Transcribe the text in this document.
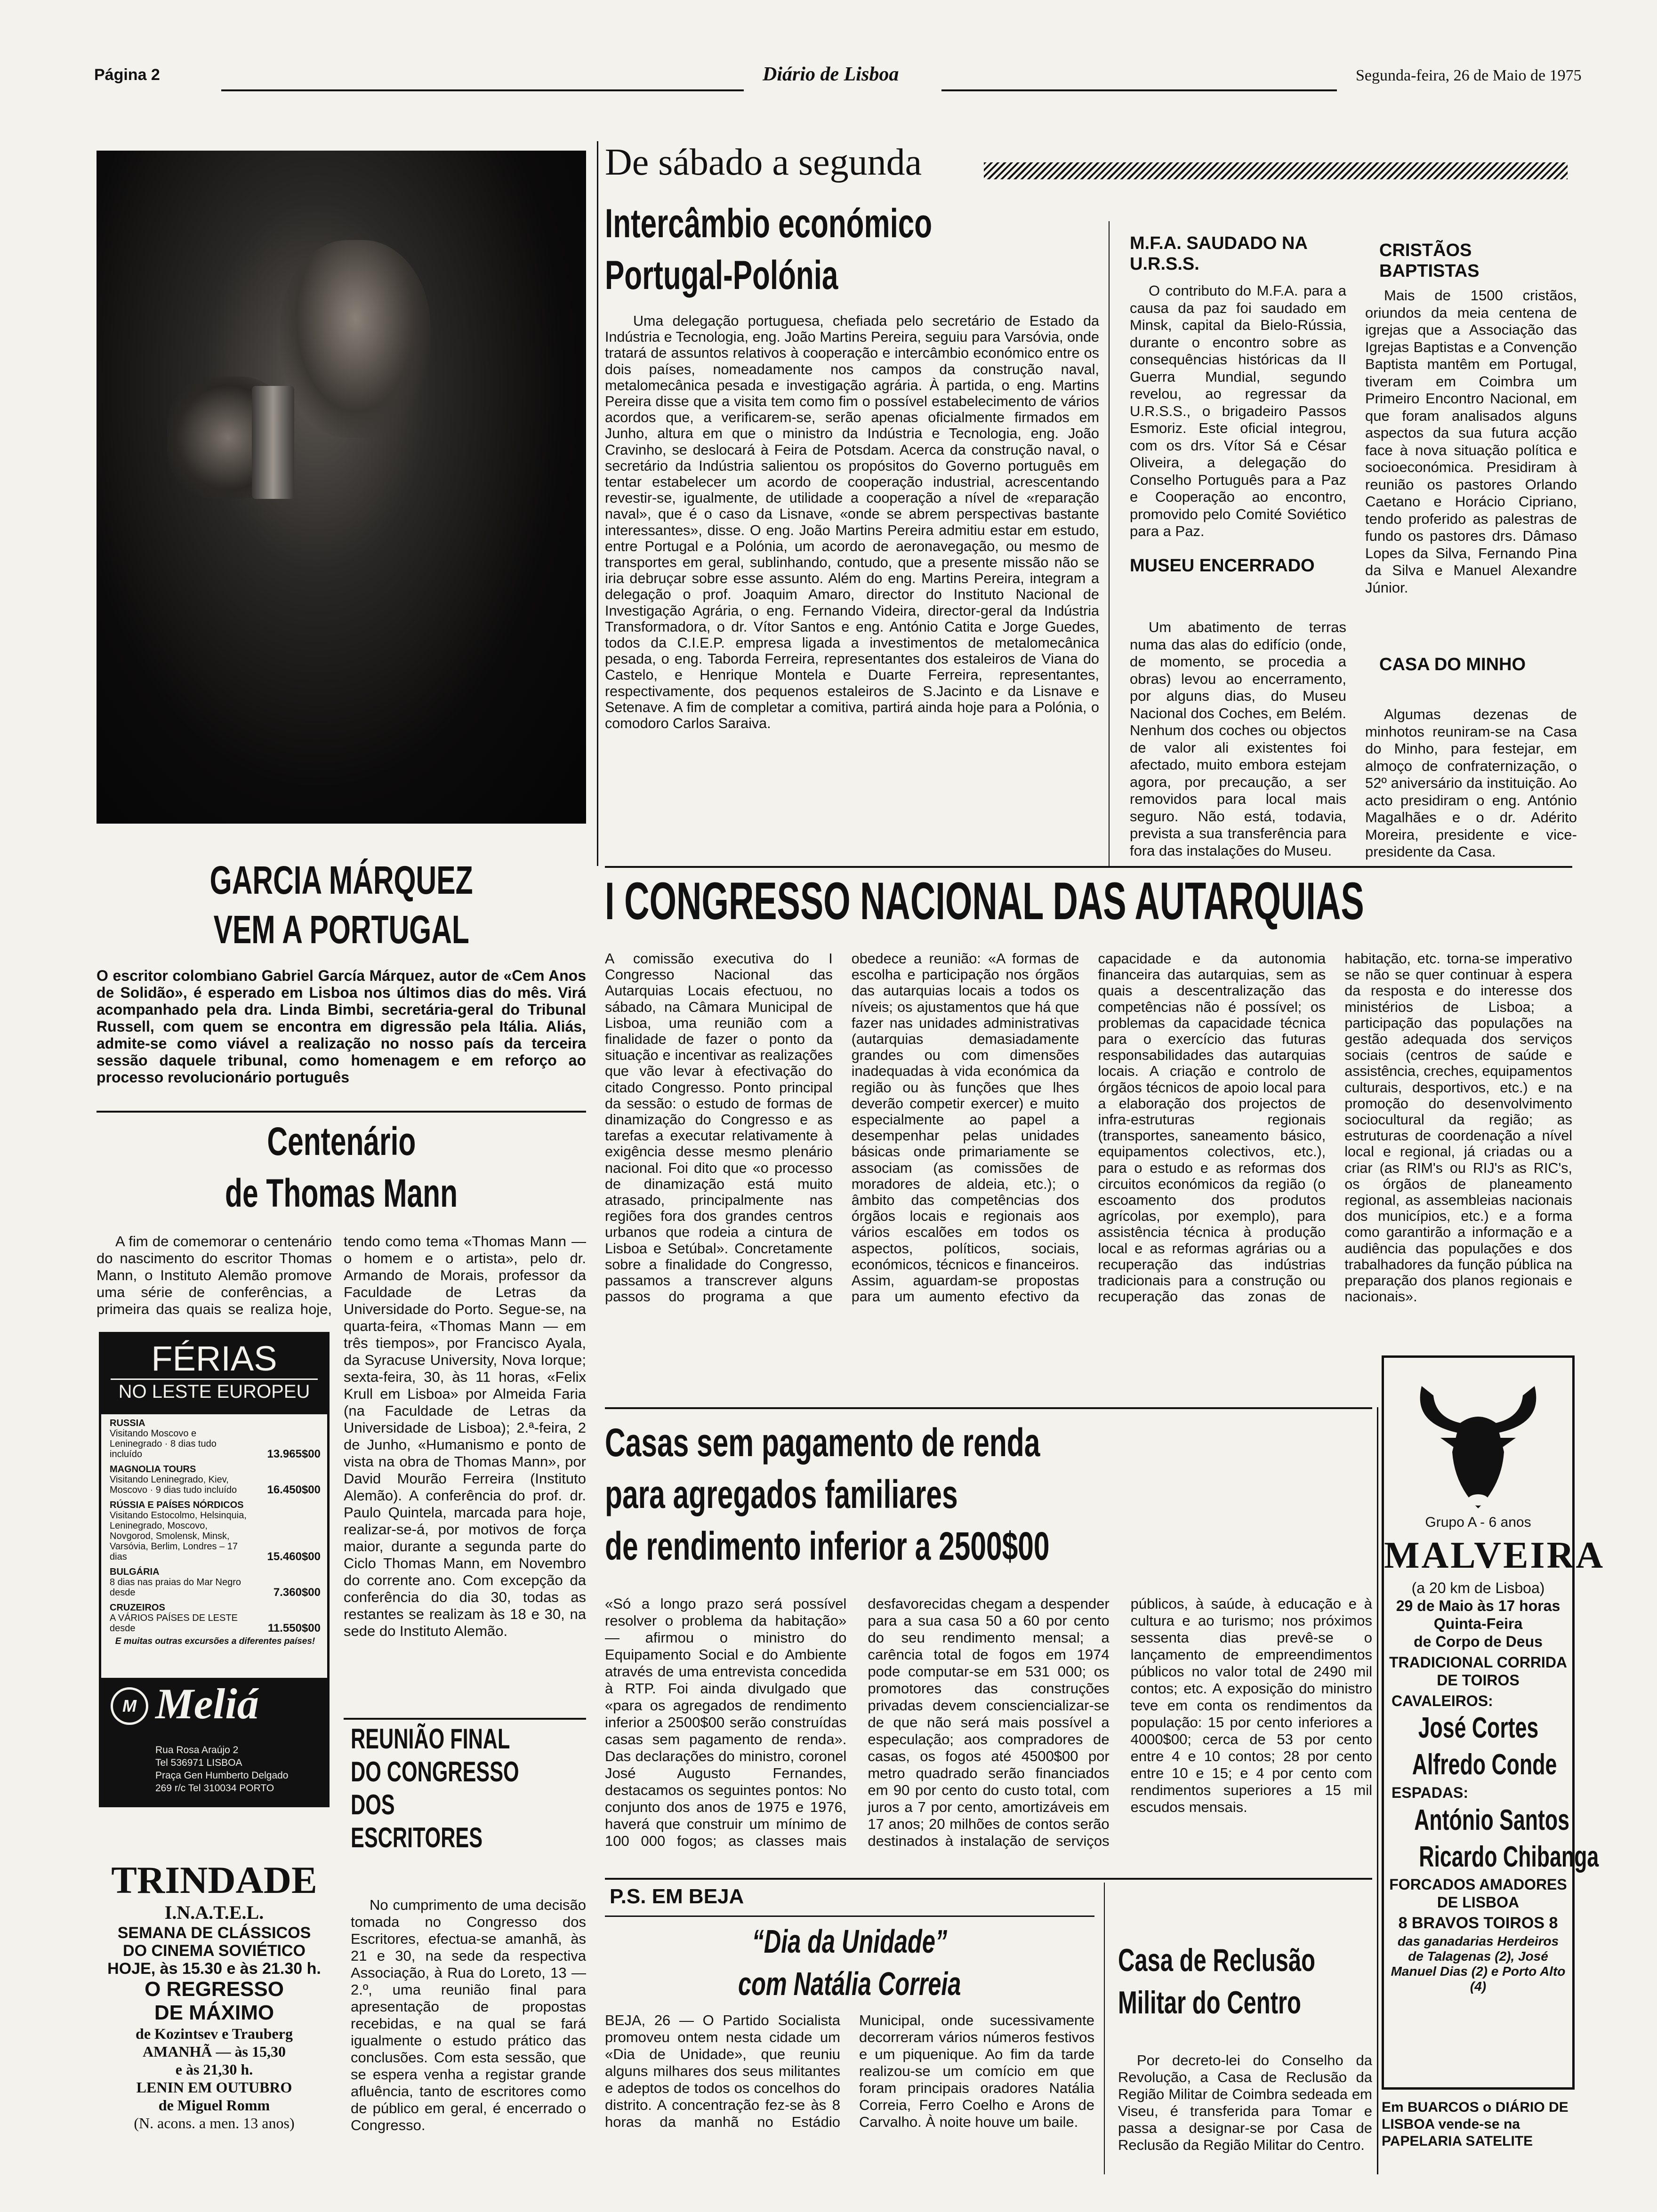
Página 2	Diário de Lisboa	Segunda-feira, 26 de Maio de 1975
GARCIA MÁRQUEZ
VEM A PORTUGAL
O escritor colombiano Gabriel García Márquez, autor de «Cem Anos de Solidão», é esperado em Lisboa nos últimos dias do mês. Virá acompanhado pela dra. Linda Bimbi, secretária-geral do Tribunal Russell, com quem se encontra em digressão pela Itália. Aliás, admite-se como viável a realização no nosso país da terceira sessão daquele tribunal, como homenagem e em reforço ao processo revolucionário português
De sábado a segunda
Intercâmbio económico
Portugal-Polónia
Uma delegação portuguesa, chefiada pelo secretário de Estado da Indústria e Tecnologia, eng. João Martins Pereira, seguiu para Varsóvia, onde tratará de assuntos relativos à cooperação e intercâmbio económico entre os dois países, nomeadamente nos campos da construção naval, metalomecânica pesada e investigação agrária. À partida, o eng. Martins Pereira disse que a visita tem como fim o possível estabelecimento de vários acordos que, a verificarem-se, serão apenas oficialmente firmados em Junho, altura em que o ministro da Indústria e Tecnologia, eng. João Cravinho, se deslocará à Feira de Potsdam. Acerca da construção naval, o secretário da Indústria salientou os propósitos do Governo português em tentar estabelecer um acordo de cooperação industrial, acrescentando revestir-se, igualmente, de utilidade a cooperação a nível de «reparação naval», que é o caso da Lisnave, «onde se abrem perspectivas bastante interessantes», disse. O eng. João Martins Pereira admitiu estar em estudo, entre Portugal e a Polónia, um acordo de aeronavegação, ou mesmo de transportes em geral, sublinhando, contudo, que a presente missão não se iria debruçar sobre esse assunto. Além do eng. Martins Pereira, integram a delegação o prof. Joaquim Amaro, director do Instituto Nacional de Investigação Agrária, o eng. Fernando Videira, director-geral da Indústria Transformadora, o dr. Vítor Santos e eng. António Catita e Jorge Guedes, todos da C.I.E.P. empresa ligada a investimentos de metalomecânica pesada, o eng. Taborda Ferreira, representantes dos estaleiros de Viana do Castelo, e Henrique Montela e Duarte Ferreira, representantes, respectivamente, dos pequenos estaleiros de S.Jacinto e da Lisnave e Setenave. A fim de completar a comitiva, partirá ainda hoje para a Polónia, o comodoro Carlos Saraiva.
M.F.A. SAUDADO NA U.R.S.S.
O contributo do M.F.A. para a causa da paz foi saudado em Minsk, capital da Bielo-Rússia, durante o encontro sobre as consequências históricas da II Guerra Mundial, segundo revelou, ao regressar da U.R.S.S., o brigadeiro Passos Esmoriz. Este oficial integrou, com os drs. Vítor Sá e César Oliveira, a delegação do Conselho Português para a Paz e Cooperação ao encontro, promovido pelo Comité Soviético para a Paz.
MUSEU ENCERRADO
Um abatimento de terras numa das alas do edifício (onde, de momento, se procedia a obras) levou ao encerramento, por alguns dias, do Museu Nacional dos Coches, em Belém. Nenhum dos coches ou objectos de valor ali existentes foi afectado, muito embora estejam agora, por precaução, a ser removidos para local mais seguro. Não está, todavia, prevista a sua transferência para fora das instalações do Museu.
CRISTÃOS BAPTISTAS
Mais de 1500 cristãos, oriundos da meia centena de igrejas que a Associação das Igrejas Baptistas e a Convenção Baptista mantêm em Portugal, tiveram em Coimbra um Primeiro Encontro Nacional, em que foram analisados alguns aspectos da sua futura acção face à nova situação política e socioeconómica. Presidiram à reunião os pastores Orlando Caetano e Horácio Cipriano, tendo proferido as palestras de fundo os pastores drs. Dâmaso Lopes da Silva, Fernando Pina da Silva e Manuel Alexandre Júnior.
CASA DO MINHO
Algumas dezenas de minhotos reuniram-se na Casa do Minho, para festejar, em almoço de confraternização, o 52º aniversário da instituição. Ao acto presidiram o eng. António Magalhães e o dr. Adérito Moreira, presidente e vice-presidente da Casa.
I CONGRESSO NACIONAL DAS AUTARQUIAS
A comissão executiva do I Congresso Nacional das Autarquias Locais efectuou, no sábado, na Câmara Municipal de Lisboa, uma reunião com a finalidade de fazer o ponto da situação e incentivar as realizações que vão levar à efectivação do citado Congresso. Ponto principal da sessão: o estudo de formas de dinamização do Congresso e as tarefas a executar relativamente à exigência desse mesmo plenário nacional. Foi dito que «o processo de dinamização está muito atrasado, principalmente nas regiões fora dos grandes centros urbanos que rodeia a cintura de Lisboa e Setúbal». Concretamente sobre a finalidade do Congresso, passamos a transcrever alguns passos do programa a que obedece a reunião: «A formas de escolha e participação nos órgãos das autarquias locais a todos os níveis; os ajustamentos que há que fazer nas unidades administrativas (autarquias demasiadamente grandes ou com dimensões inadequadas à vida económica da região ou às funções que lhes deverão competir exercer) e muito especialmente ao papel a desempenhar pelas unidades básicas onde primariamente se associam (as comissões de moradores de aldeia, etc.); o âmbito das competências dos órgãos locais e regionais aos vários escalões em todos os aspectos, políticos, sociais, económicos, técnicos e financeiros. Assim, aguardam-se propostas para um aumento efectivo da capacidade e da autonomia financeira das autarquias, sem as quais a descentralização das competências não é possível; os problemas da capacidade técnica para o exercício das futuras responsabilidades das autarquias locais. A criação e controlo de órgãos técnicos de apoio local para a elaboração dos projectos de infra-estruturas regionais (transportes, saneamento básico, equipamentos colectivos, etc.), para o estudo e as reformas dos circuitos económicos da região (o escoamento dos produtos agrícolas, por exemplo), para assistência técnica à produção local e as reformas agrárias ou a recuperação das indústrias tradicionais para a construção ou recuperação das zonas de habitação, etc. torna-se imperativo se não se quer continuar à espera da resposta e do interesse dos ministérios de Lisboa; a participação das populações na gestão adequada dos serviços sociais (centros de saúde e assistência, creches, equipamentos culturais, desportivos, etc.) e na promoção do desenvolvimento sociocultural da região; as estruturas de coordenação a nível local e regional, já criadas ou a criar (as RIM's ou RIJ's as RIC's, os órgãos de planeamento regional, as assembleias nacionais dos municípios, etc.) e a forma como garantirão a informação e a audiência das populações e dos trabalhadores da função pública na preparação dos planos regionais e nacionais».
Centenário
de Thomas Mann
A fim de comemorar o centenário do nascimento do escritor Thomas Mann, o Instituto Alemão promove uma série de conferências, a primeira das quais se realiza hoje,
tendo como tema «Thomas Mann — o homem e o artista», pelo dr. Armando de Morais, professor da Faculdade de Letras da Universidade do Porto. Segue-se, na quarta-feira, «Thomas Mann — em três tiempos», por Francisco Ayala, da Syracuse University, Nova Iorque; sexta-feira, 30, às 11 horas, «Felix Krull em Lisboa» por Almeida Faria (na Faculdade de Letras da Universidade de Lisboa); 2.ª-feira, 2 de Junho, «Humanismo e ponto de vista na obra de Thomas Mann», por David Mourão Ferreira (Instituto Alemão). A conferência do prof. dr. Paulo Quintela, marcada para hoje, realizar-se-á, por motivos de força maior, durante a segunda parte do Ciclo Thomas Mann, em Novembro do corrente ano. Com excepção da conferência do dia 30, todas as restantes se realizam às 18 e 30, na sede do Instituto Alemão.
FÉRIAS
NO LESTE EUROPEU
RUSSIA
Visitando Moscovo e Leninegrado · 8 dias tudo incluído	13.965$00
MAGNOLIA TOURS
Visitando Leninegrado, Kiev, Moscovo · 9 dias tudo incluído	16.450$00
RÚSSIA E PAÍSES NÓRDICOS
Visitando Estocolmo, Helsinquia, Leninegrado, Moscovo, Novgorod, Smolensk, Minsk, Varsóvia, Berlim, Londres – 17 dias	15.460$00
BULGÁRIA
8 dias nas praias do Mar Negro desde	7.360$00
CRUZEIROS
A VÁRIOS PAÍSES DE LESTE desde	11.550$00
E muitas outras excursões a diferentes países!
M Meliá
Rua Rosa Araújo 2
Tel 536971 LISBOA
Praça Gen Humberto Delgado
269 r/c Tel 310034 PORTO
TRINDADE
I.N.A.T.E.L.
SEMANA DE CLÁSSICOS
DO CINEMA SOVIÉTICO
HOJE, às 15.30 e às 21.30 h.
O REGRESSO
DE MÁXIMO
de Kozintsev e Trauberg
AMANHÃ — às 15,30
e às 21,30 h.
LENIN EM OUTUBRO
de Miguel Romm
(N. acons. a men. 13 anos)
REUNIÃO FINAL
DO CONGRESSO
DOS
ESCRITORES
No cumprimento de uma decisão tomada no Congresso dos Escritores, efectua-se amanhã, às 21 e 30, na sede da respectiva Associação, à Rua do Loreto, 13 — 2.º, uma reunião final para apresentação de propostas recebidas, e na qual se fará igualmente o estudo prático das conclusões. Com esta sessão, que se espera venha a registar grande afluência, tanto de escritores como de público em geral, é encerrado o Congresso.
Casas sem pagamento de renda
para agregados familiares
de rendimento inferior a 2500$00
«Só a longo prazo será possível resolver o problema da habitação» — afirmou o ministro do Equipamento Social e do Ambiente através de uma entrevista concedida à RTP. Foi ainda divulgado que «para os agregados de rendimento inferior a 2500$00 serão construídas casas sem pagamento de renda». Das declarações do ministro, coronel José Augusto Fernandes, destacamos os seguintes pontos: No conjunto dos anos de 1975 e 1976, haverá que construir um mínimo de 100 000 fogos; as classes mais desfavorecidas chegam a despender para a sua casa 50 a 60 por cento do seu rendimento mensal; a carência total de fogos em 1974 pode computar-se em 531 000; os promotores das construções privadas devem consciencializar-se de que não será mais possível a especulação; aos compradores de casas, os fogos até 4500$00 por metro quadrado serão financiados em 90 por cento do custo total, com juros a 7 por cento, amortizáveis em 17 anos; 20 milhões de contos serão destinados à instalação de serviços públicos, à saúde, à educação e à cultura e ao turismo; nos próximos sessenta dias prevê-se o lançamento de empreendimentos públicos no valor total de 2490 mil contos; etc. A exposição do ministro teve em conta os rendimentos da população: 15 por cento inferiores a 4000$00; cerca de 53 por cento entre 4 e 10 contos; 28 por cento entre 10 e 15; e 4 por cento com rendimentos superiores a 15 mil escudos mensais.
P.S. EM BEJA
“Dia da Unidade”
com Natália Correia
BEJA, 26 — O Partido Socialista promoveu ontem nesta cidade um «Dia de Unidade», que reuniu alguns milhares dos seus militantes e adeptos de todos os concelhos do distrito. A concentração fez-se às 8 horas da manhã no Estádio Municipal, onde sucessivamente decorreram vários números festivos e um piquenique. Ao fim da tarde realizou-se um comício em que foram principais oradores Natália Correia, Ferro Coelho e Arons de Carvalho. À noite houve um baile.
Casa de Reclusão
Militar do Centro
Por decreto-lei do Conselho da Revolução, a Casa de Reclusão da Região Militar de Coimbra sedeada em Viseu, é transferida para Tomar e passa a designar-se por Casa de Reclusão da Região Militar do Centro.
Grupo A - 6 anos
MALVEIRA
(a 20 km de Lisboa)
29 de Maio às 17 horas
Quinta-Feira
de Corpo de Deus
TRADICIONAL CORRIDA
DE TOIROS
CAVALEIROS:
José Cortes
Alfredo Conde
ESPADAS:
António Santos
Ricardo Chibanga
FORCADOS AMADORES
DE LISBOA
8 BRAVOS TOIROS 8
das ganadarias Herdeiros de Talagenas (2), José Manuel Dias (2) e Porto Alto (4)
Em BUARCOS o DIÁRIO DE LISBOA vende-se na PAPELARIA SATELITE
